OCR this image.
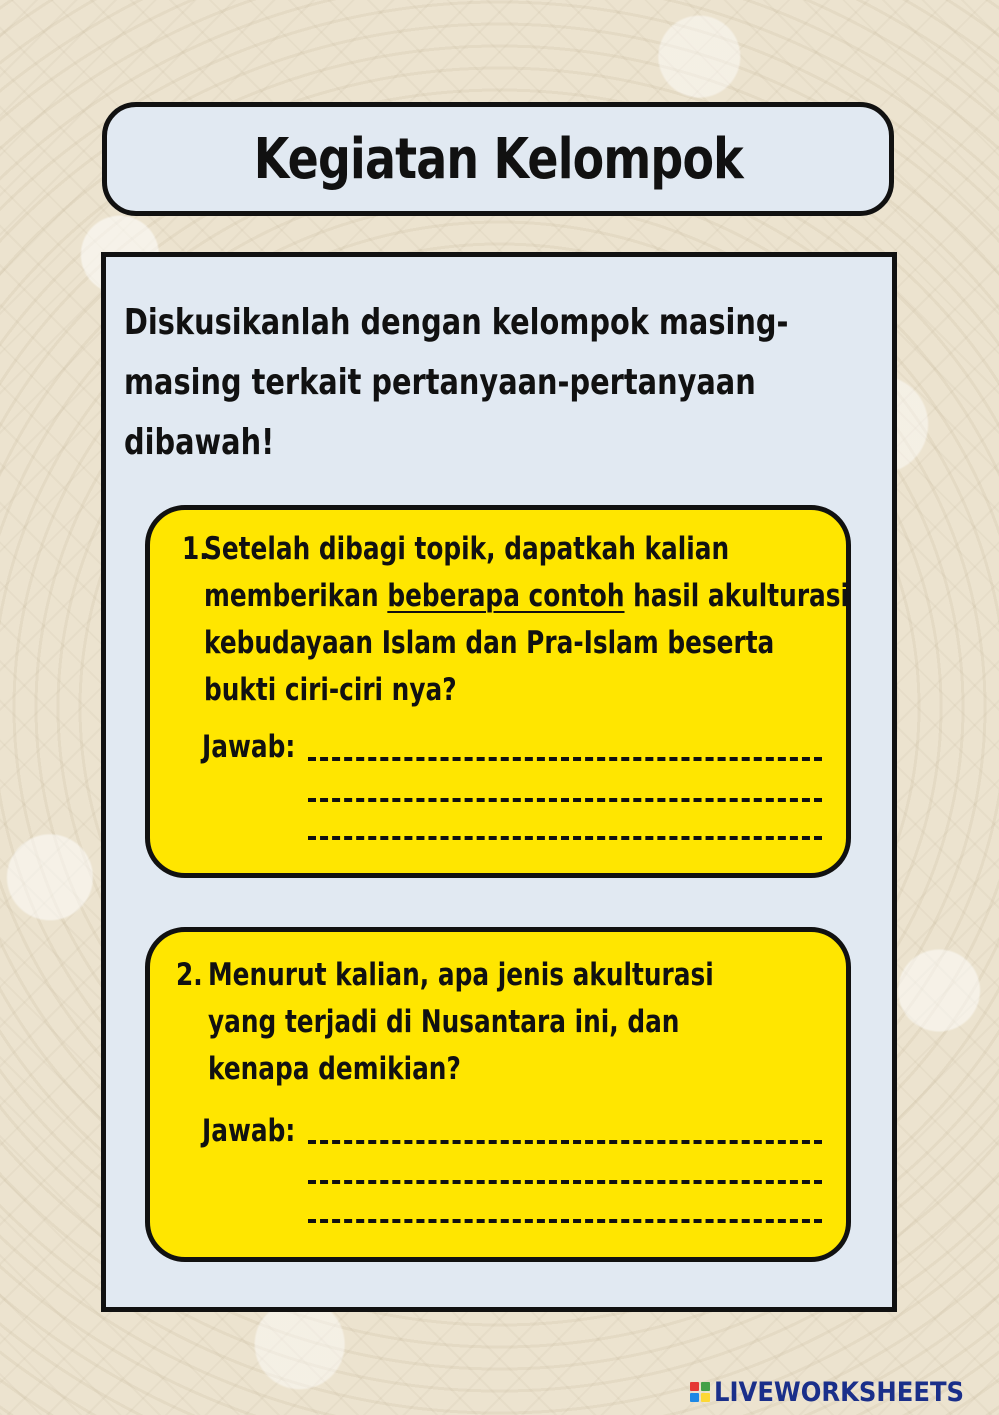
Kegiatan Kelompok

Diskusikanlah dengan kelompok masing-masing terkait pertanyaan-pertanyaan dibawah!

1.
Setelah dibagi topik, dapatkah kalian memberikan beberapa contoh hasil akulturasi kebudayaan Islam dan Pra-Islam beserta bukti ciri-ciri nya?
Jawab:
2. Menurut kalian, apa jenis akulturasi yang terjadi di Nusantara ini, dan kenapa demikian?
Jawab:
LIVEWORKSHEETS
